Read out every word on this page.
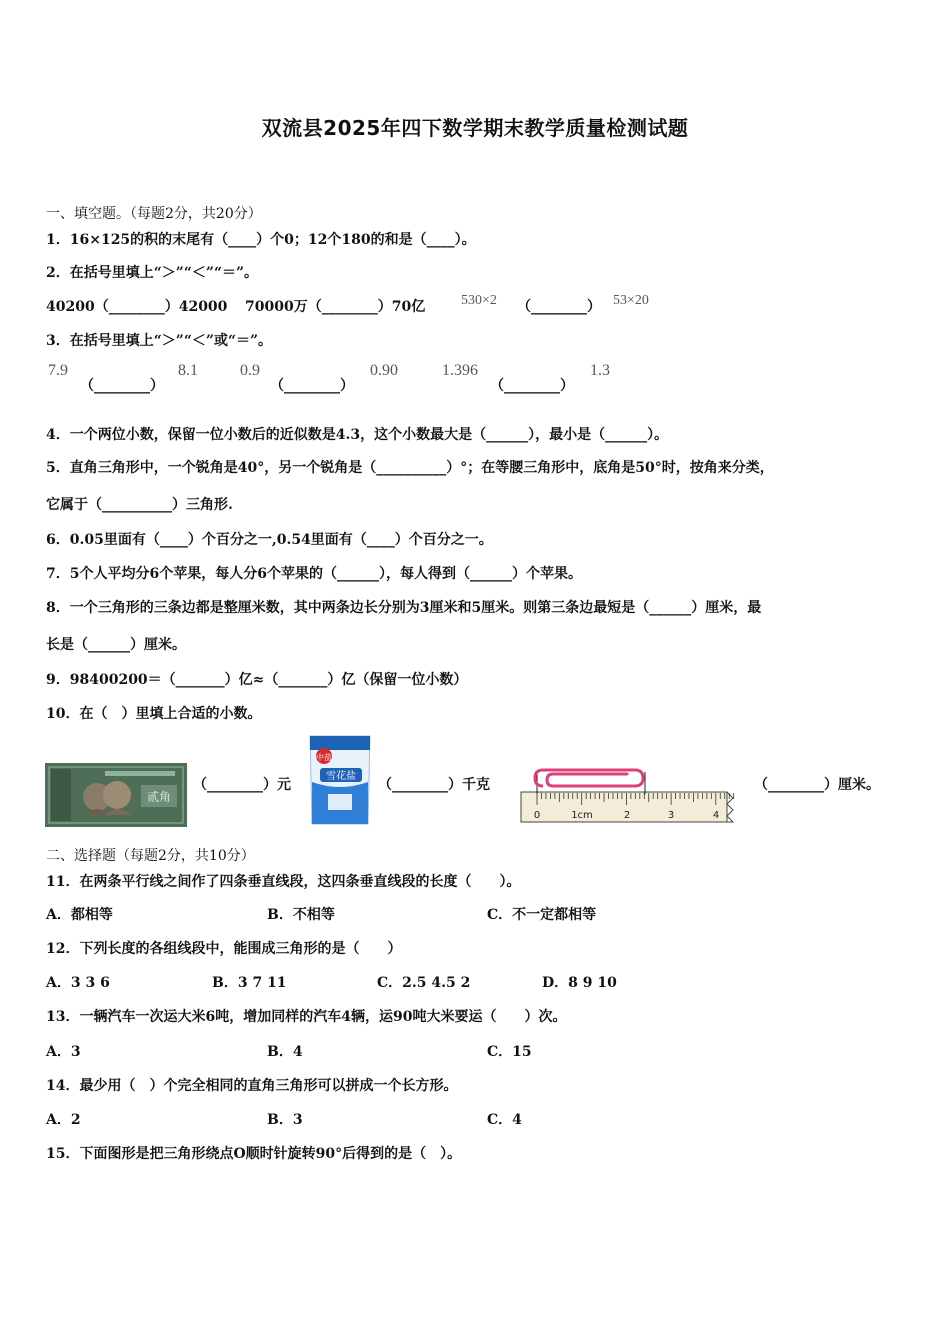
双流县2025年四下数学期末教学质量检测试题
一、填空题。（每题2分，共20分）
1．16×125的积的末尾有（____）个0；12个180的和是（____）。
2．在括号里填上“＞”“＜”“＝”。
40200（________）42000 70000万（________）70亿	530×2 （________） 53×20
3．在括号里填上“＞”“＜”或“＝”。
7.9
（________）
8.1	0.9
（________）
0.90	1.396
（________）
1.3
4．一个两位小数，保留一位小数后的近似数是4.3，这个小数最大是（______），最小是（______）。
5．直角三角形中，一个锐角是40°，另一个锐角是（__________）°；在等腰三角形中，底角是50°时，按角来分类，
它属于（__________）三角形.
6．0.05里面有（____）个百分之一,0.54里面有（____）个百分之一。
7．5个人平均分6个苹果，每人分6个苹果的（______），每人得到（______）个苹果。
8．一个三角形的三条边都是整厘米数，其中两条边长分别为3厘米和5厘米。则第三条边最短是（______）厘米，最
长是（______）厘米。
9．98400200＝（_______）亿≈（_______）亿（保留一位小数）
10．在（　）里填上合适的小数。
贰角
（________）元
中盐
雪花盐
（________）千克
0	1cm	2	3	4
（________）厘米。
二、选择题（每题2分，共10分）
11．在两条平行线之间作了四条垂直线段，这四条垂直线段的长度（　　）。
A．都相等	B．不相等	C．不一定都相等
12．下列长度的各组线段中，能围成三角形的是（　　）
A．3 3 6	B．3 7 11	C．2.5 4.5 2	D．8 9 10
13．一辆汽车一次运大米6吨，增加同样的汽车4辆，运90吨大米要运（　　）次。
A．3	B．4	C．15
14．最少用（　）个完全相同的直角三角形可以拼成一个长方形。
A．2	B．3	C．4
15．下面图形是把三角形绕点O顺时针旋转90°后得到的是（　）。
